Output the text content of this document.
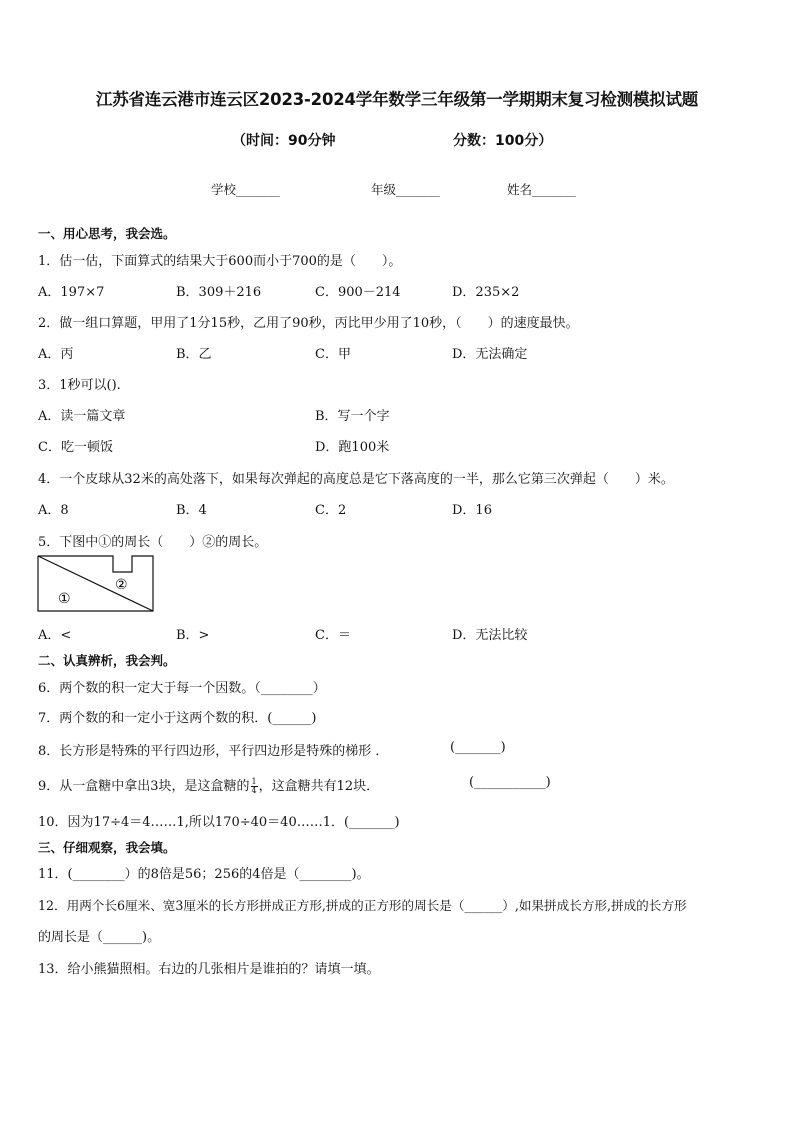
江苏省连云港市连云区2023-2024学年数学三年级第一学期期末复习检测模拟试题
（时间：90分钟	分数：100分）
学校_______	年级_______	姓名_______
一、用心思考，我会选。
1．估一估，下面算式的结果大于600而小于700的是（　　）。
A．197×7	B．309＋216	C．900－214	D．235×2
2．做一组口算题，甲用了1分15秒，乙用了90秒，丙比甲少用了10秒，（　　）的速度最快。
A．丙	B．乙	C．甲	D．无法确定
3．1秒可以().
A．读一篇文章	B．写一个字
C．吃一顿饭	D．跑100米
4．一个皮球从32米的高处落下，如果每次弹起的高度总是它下落高度的一半，那么它第三次弹起（　　）米。
A．8	B．4	C．2	D．16
5．下图中①的周长（　　）②的周长。
①
②
A．<	B．>	C．＝	D．无法比较
二、认真辨析，我会判。
6．两个数的积一定大于每一个因数。（________）
7．两个数的和一定小于这两个数的积．(______)
8．长方形是特殊的平行四边形，平行四边形是特殊的梯形 ．	(_______)
9．从一盒糖中拿出3块，是这盒糖的 $\frac{1}{4}$ ，这盒糖共有12块．	(___________)
10．因为17÷4＝4……1,所以170÷40＝40……1．(_______)
三、仔细观察，我会填。
11．(________）的8倍是56；256的4倍是（________)。
12．用两个长6厘米、宽3厘米的长方形拼成正方形,拼成的正方形的周长是（______）,如果拼成长方形,拼成的长方形
的周长是（______)。
13．给小熊猫照相。右边的几张相片是谁拍的？请填一填。
